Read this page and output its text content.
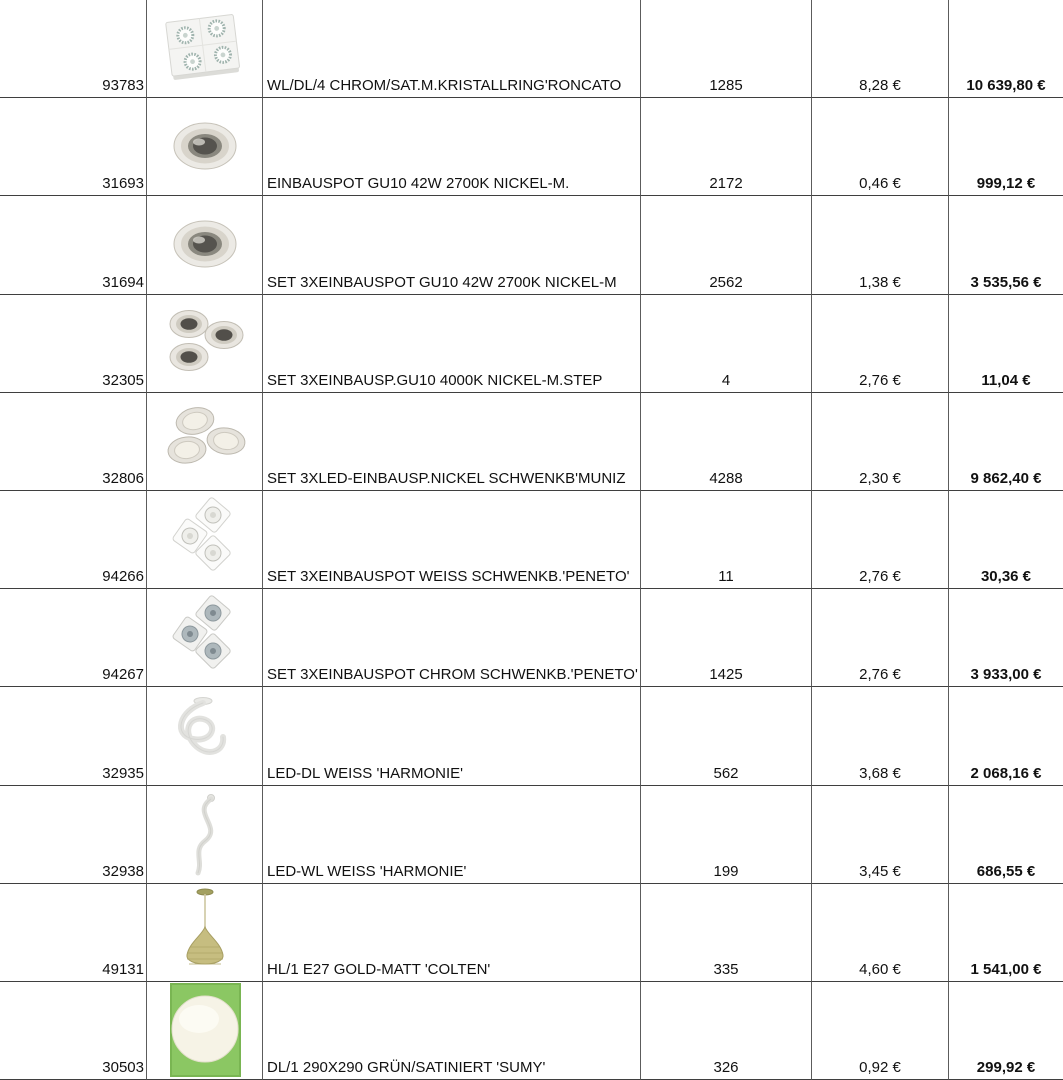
93783	WL/DL/4 CHROM/SAT.M.KRISTALLRING'RONCATO	1285	8,28 €	10 639,80 €
31693	EINBAUSPOT GU10 42W 2700K NICKEL-M.	2172	0,46 €	999,12 €
31694	SET 3XEINBAUSPOT GU10 42W 2700K NICKEL-M	2562	1,38 €	3 535,56 €
32305	SET 3XEINBAUSP.GU10 4000K NICKEL-M.STEP	4	2,76 €	11,04 €
32806	SET 3XLED-EINBAUSP.NICKEL SCHWENKB'MUNIZ	4288	2,30 €	9 862,40 €
94266	SET 3XEINBAUSPOT WEISS SCHWENKB.'PENETO'	11	2,76 €	30,36 €
94267	SET 3XEINBAUSPOT CHROM SCHWENKB.'PENETO'	1425	2,76 €	3 933,00 €
32935	LED-DL WEISS 'HARMONIE'	562	3,68 €	2 068,16 €
32938	LED-WL WEISS 'HARMONIE'	199	3,45 €	686,55 €
49131	HL/1 E27 GOLD-MATT 'COLTEN'	335	4,60 €	1 541,00 €
30503	DL/1 290X290 GRÜN/SATINIERT 'SUMY'	326	0,92 €	299,92 €
